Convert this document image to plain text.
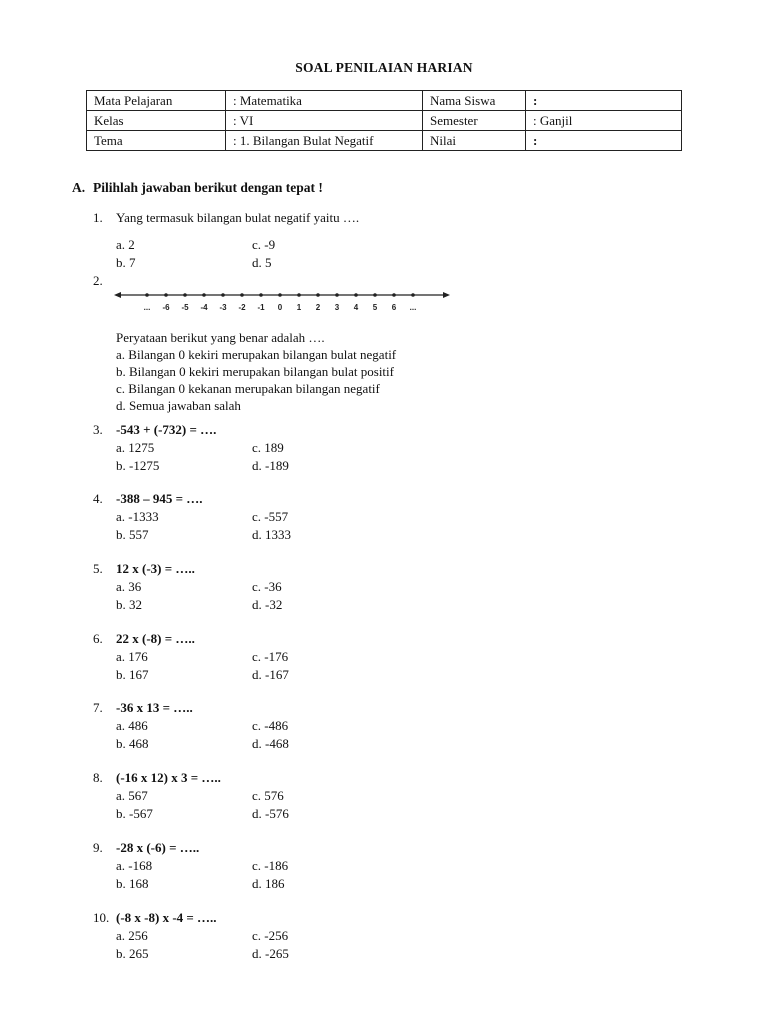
SOAL PENILAIAN HARIAN
Mata Pelajaran	: Matematika	Nama Siswa	:
Kelas	: VI	Semester	: Ganjil
Tema	: 1. Bilangan Bulat Negatif	Nilai	:
A. Pilihlah jawaban berikut dengan tepat !
1. Yang termasuk bilangan bulat negatif yaitu ….
a. 2
b. 7
c. -9
d. 5
2.
... -6 -5 -4 -3 -2 -1 0 1 2 3 4 5 6 ...
Peryataan berikut yang benar adalah ….
a. Bilangan 0 kekiri merupakan bilangan bulat negatif
b. Bilangan 0 kekiri merupakan bilangan bulat positif
c. Bilangan 0 kekanan merupakan bilangan negatif
d. Semua jawaban salah
3. -543 + (-732) = ….
a. 1275
b. -1275
c. 189
d. -189
4. -388 – 945 = ….
a. -1333
b. 557
c. -557
d. 1333
5. 12 x (-3) = …..
a. 36
b. 32
c. -36
d. -32
6. 22 x (-8) = …..
a. 176
b. 167
c. -176
d. -167
7. -36 x 13 = …..
a. 486
b. 468
c. -486
d. -468
8. (-16 x 12) x 3 = …..
a. 567
b. -567
c. 576
d. -576
9. -28 x (-6) = …..
a. -168
b. 168
c. -186
d. 186
10. (-8 x -8) x -4 = …..
a. 256
b. 265
c. -256
d. -265
